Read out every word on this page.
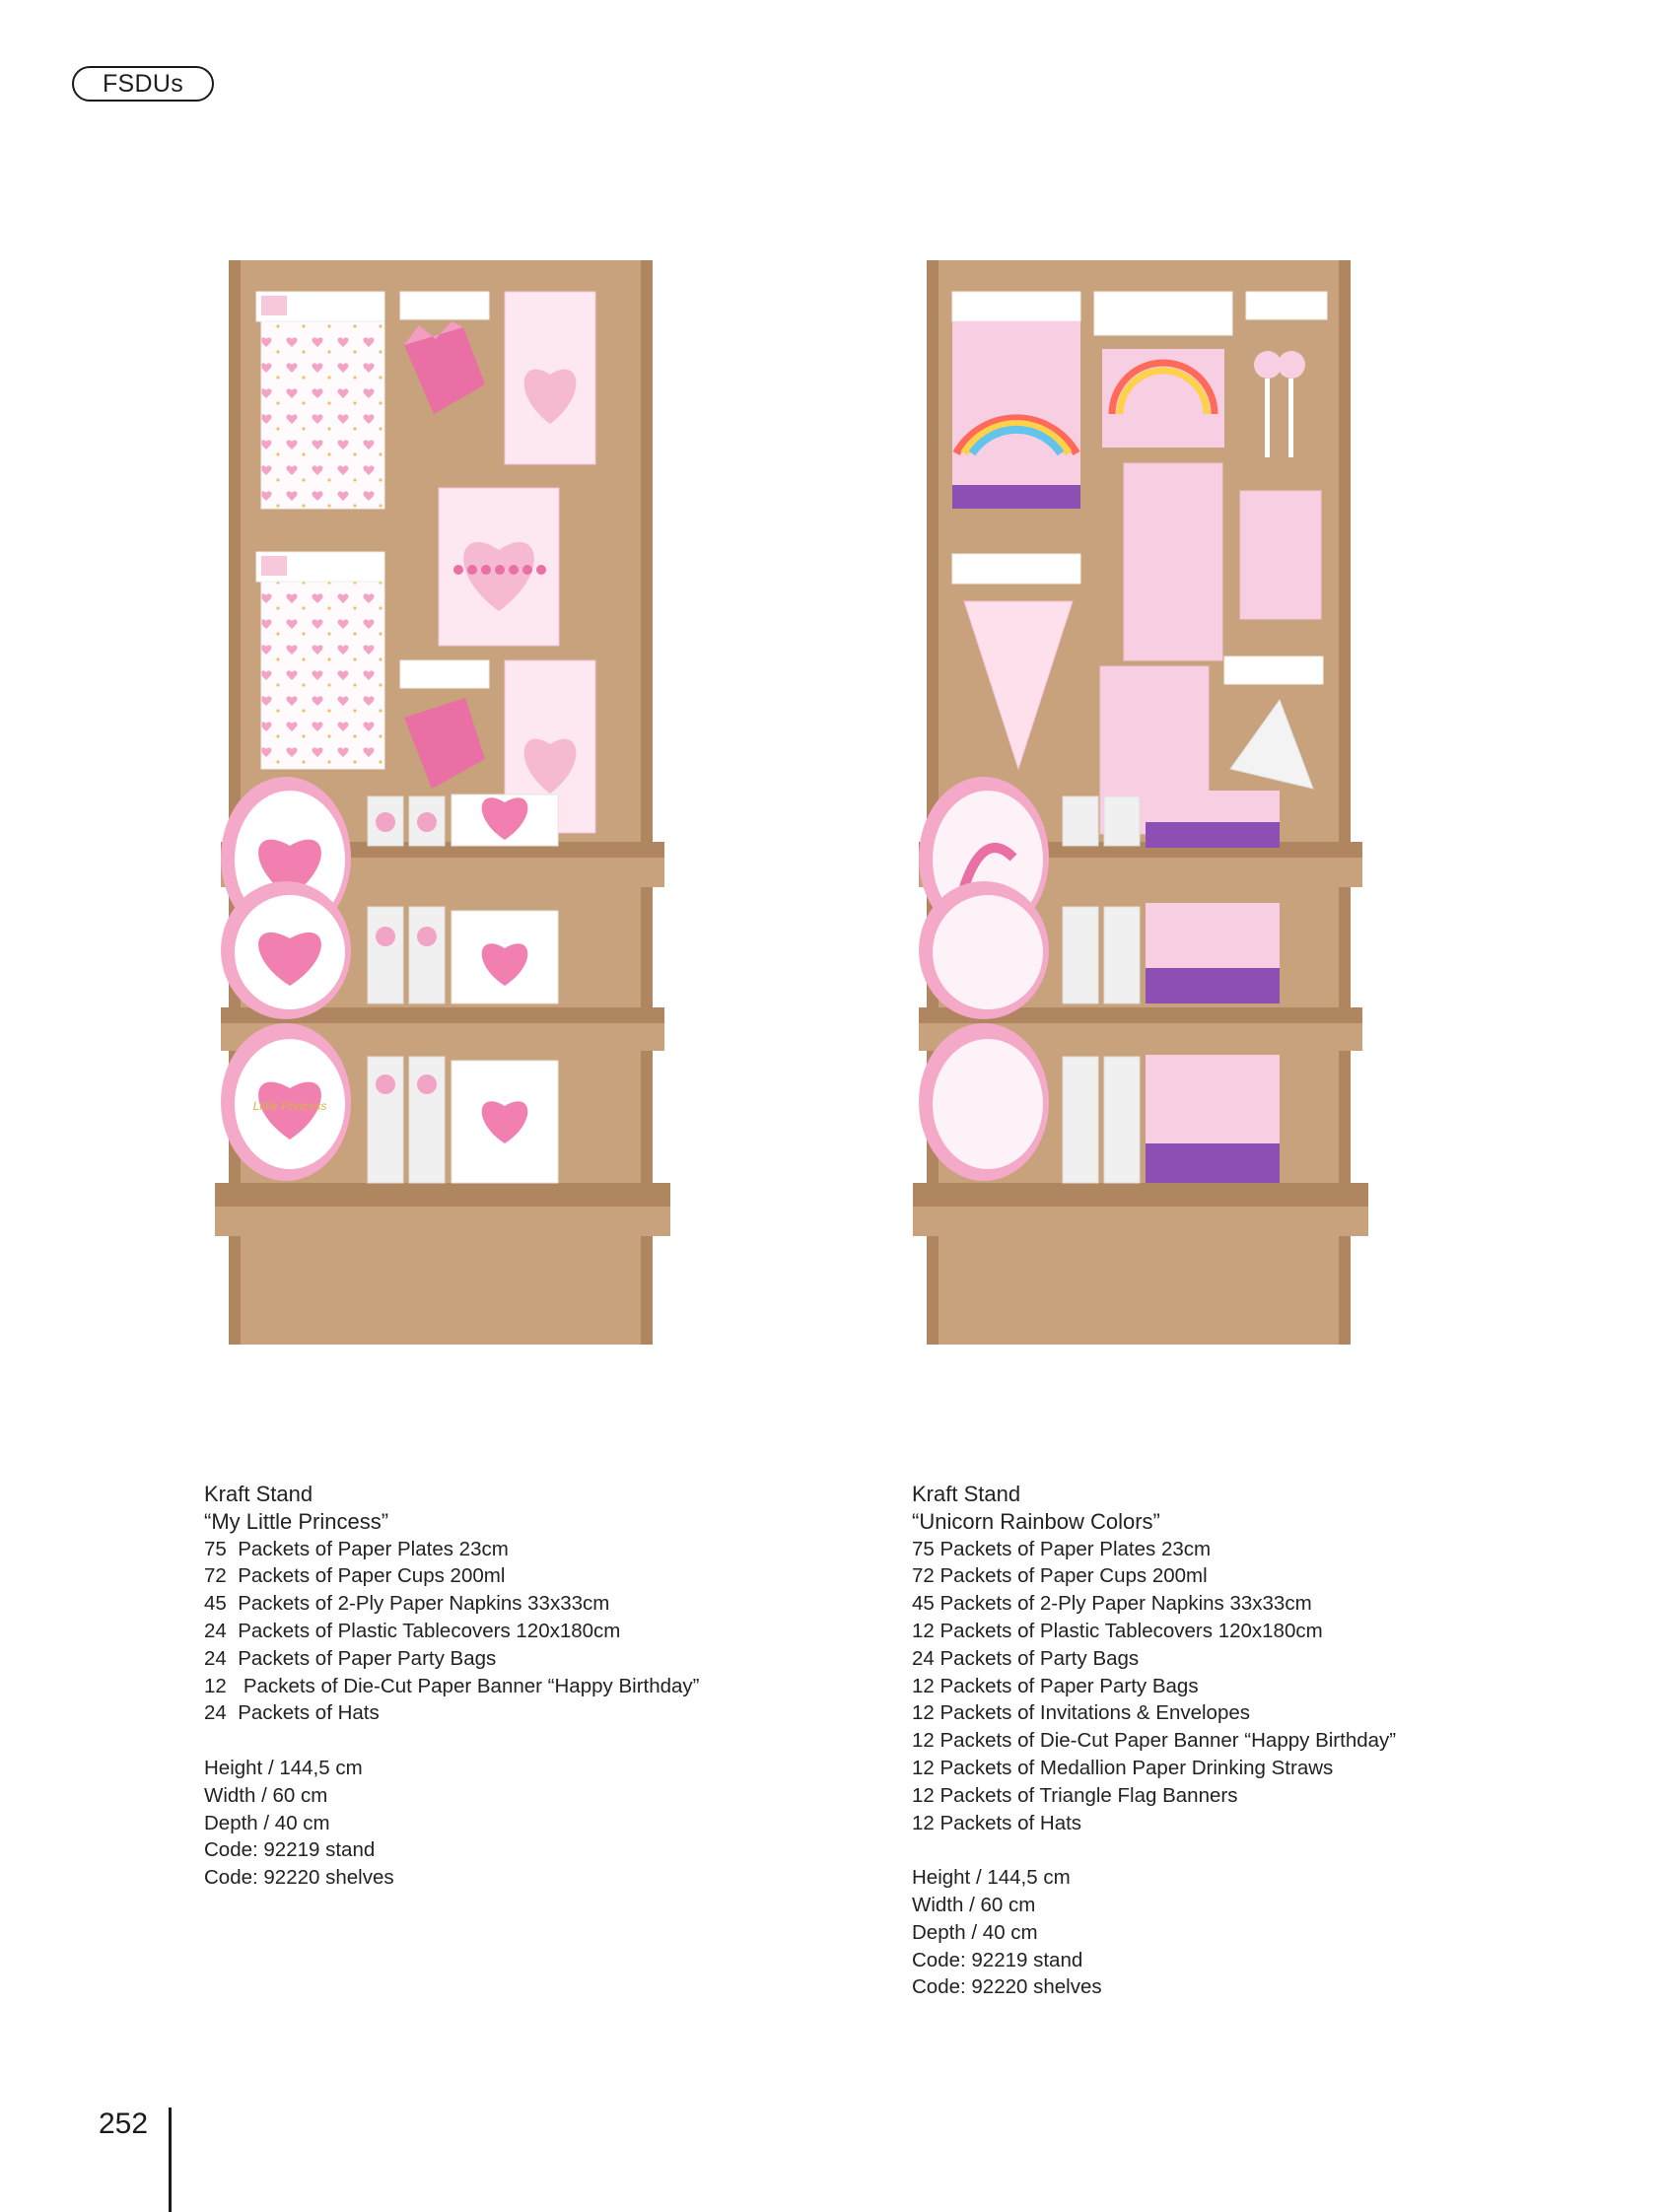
FSDUs
Little Princess
Kraft Stand
“My Little Princess”
75  Packets of Paper Plates 23cm
72  Packets of Paper Cups 200ml
45  Packets of 2-Ply Paper Napkins 33x33cm
24  Packets of Plastic Tablecovers 120x180cm
24  Packets of Paper Party Bags
12   Packets of Die-Cut Paper Banner “Happy Birthday”
24  Packets of Hats
Height / 144,5 cm
Width / 60 cm
Depth / 40 cm
Code: 92219 stand
Code: 92220 shelves
Kraft Stand
“Unicorn Rainbow Colors”
75 Packets of Paper Plates 23cm
72 Packets of Paper Cups 200ml
45 Packets of 2-Ply Paper Napkins 33x33cm
12 Packets of Plastic Tablecovers 120x180cm
24 Packets of Party Bags
12 Packets of Paper Party Bags
12 Packets of Invitations & Envelopes
12 Packets of Die-Cut Paper Banner “Happy Birthday”
12 Packets of Medallion Paper Drinking Straws
12 Packets of Triangle Flag Banners
12 Packets of Hats
Height / 144,5 cm
Width / 60 cm
Depth / 40 cm
Code: 92219 stand
Code: 92220 shelves
252
